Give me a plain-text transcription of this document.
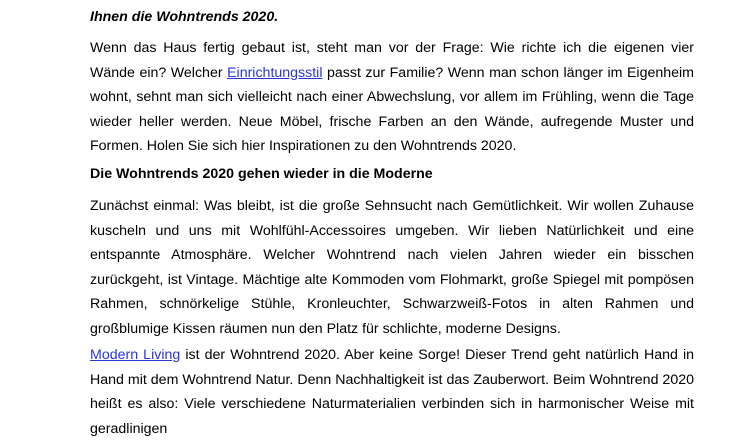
Ihnen die Wohntrends 2020.

Wenn das Haus fertig gebaut ist, steht man vor der Frage: Wie richte ich die eigenen vier Wände ein? Welcher Einrichtungsstil passt zur Familie? Wenn man schon länger im Eigenheim wohnt, sehnt man sich vielleicht nach einer Abwechslung, vor allem im Frühling, wenn die Tage wieder heller werden. Neue Möbel, frische Farben an den Wände, aufregende Muster und Formen. Holen Sie sich hier Inspirationen zu den Wohntrends 2020.

Die Wohntrends 2020 gehen wieder in die Moderne

Zunächst einmal: Was bleibt, ist die große Sehnsucht nach Gemütlichkeit. Wir wollen Zuhause kuscheln und uns mit Wohlfühl-Accessoires umgeben. Wir lieben Natürlichkeit und eine entspannte Atmosphäre. Welcher Wohntrend nach vielen Jahren wieder ein bisschen zurückgeht, ist Vintage. Mächtige alte Kommoden vom Flohmarkt, große Spiegel mit pompösen Rahmen, schnörkelige Stühle, Kronleuchter, Schwarzweiß-Fotos in alten Rahmen und großblumige Kissen räumen nun den Platz für schlichte, moderne Designs.

Modern Living ist der Wohntrend 2020. Aber keine Sorge! Dieser Trend geht natürlich Hand in Hand mit dem Wohntrend Natur. Denn Nachhaltigkeit ist das Zauberwort. Beim Wohntrend 2020 heißt es also: Viele verschiedene Naturmaterialien verbinden sich in harmonischer Weise mit geradlinigen
